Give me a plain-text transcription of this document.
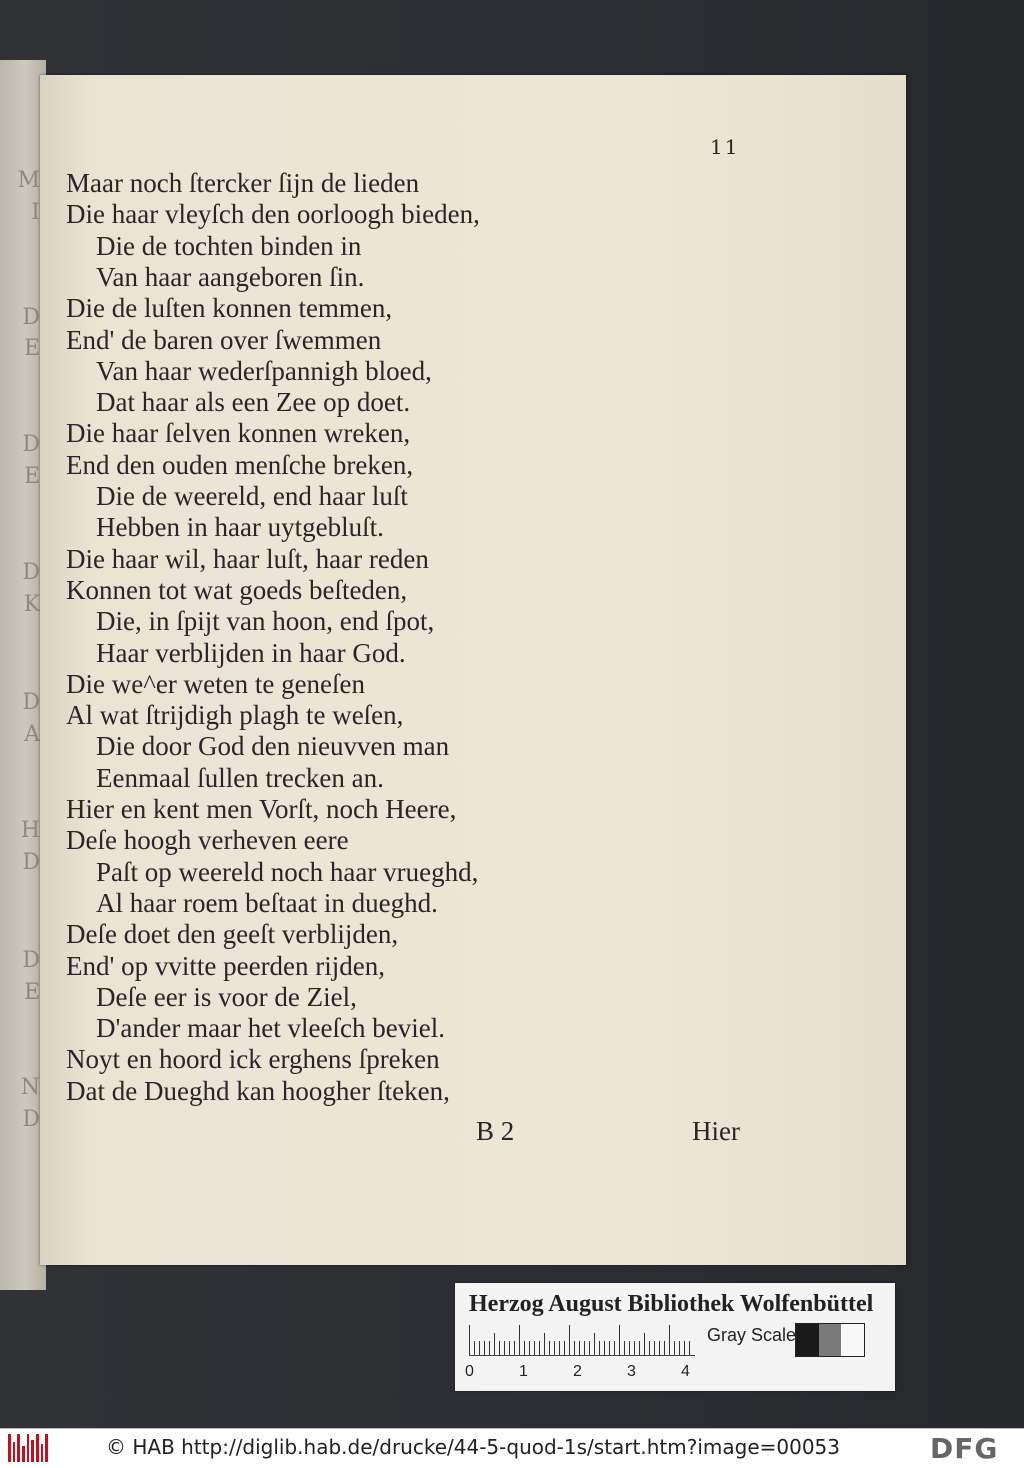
M
I
D
E
D
E
D
K
D
A
H
D
D
E
N
D
11
Maar noch ſtercker ſijn de lieden
Die haar vleyſch den oorloogh bieden,
Die de tochten binden in
Van haar aangeboren ſin.
Die de luſten konnen temmen,
End' de baren over ſwemmen
Van haar wederſpannigh bloed,
Dat haar als een Zee op doet.
Die haar ſelven konnen wreken,
End den ouden menſche breken,
Die de weereld, end haar luſt
Hebben in haar uytgebluſt.
Die haar wil, haar luſt, haar reden
Konnen tot wat goeds beſteden,
Die, in ſpijt van hoon, end ſpot,
Haar verblijden in haar God.
Die we^er weten te geneſen
Al wat ſtrijdigh plagh te weſen,
Die door God den nieuvven man
Eenmaal ſullen trecken an.
Hier en kent men Vorſt, noch Heere,
Deſe hoogh verheven eere
Paſt op weereld noch haar vrueghd,
Al haar roem beſtaat in dueghd.
Deſe doet den geeſt verblijden,
End' op vvitte peerden rijden,
Deſe eer is voor de Ziel,
D'ander maar het vleeſch beviel.
Noyt en hoord ick erghens ſpreken
Dat de Dueghd kan hoogher ſteken,
B 2	Hier
Herzog August Bibliothek Wolfenbüttel
0	1	2	3	4
Gray Scale
© HAB http://diglib.hab.de/drucke/44-5-quod-1s/start.htm?image=00053	DFG
